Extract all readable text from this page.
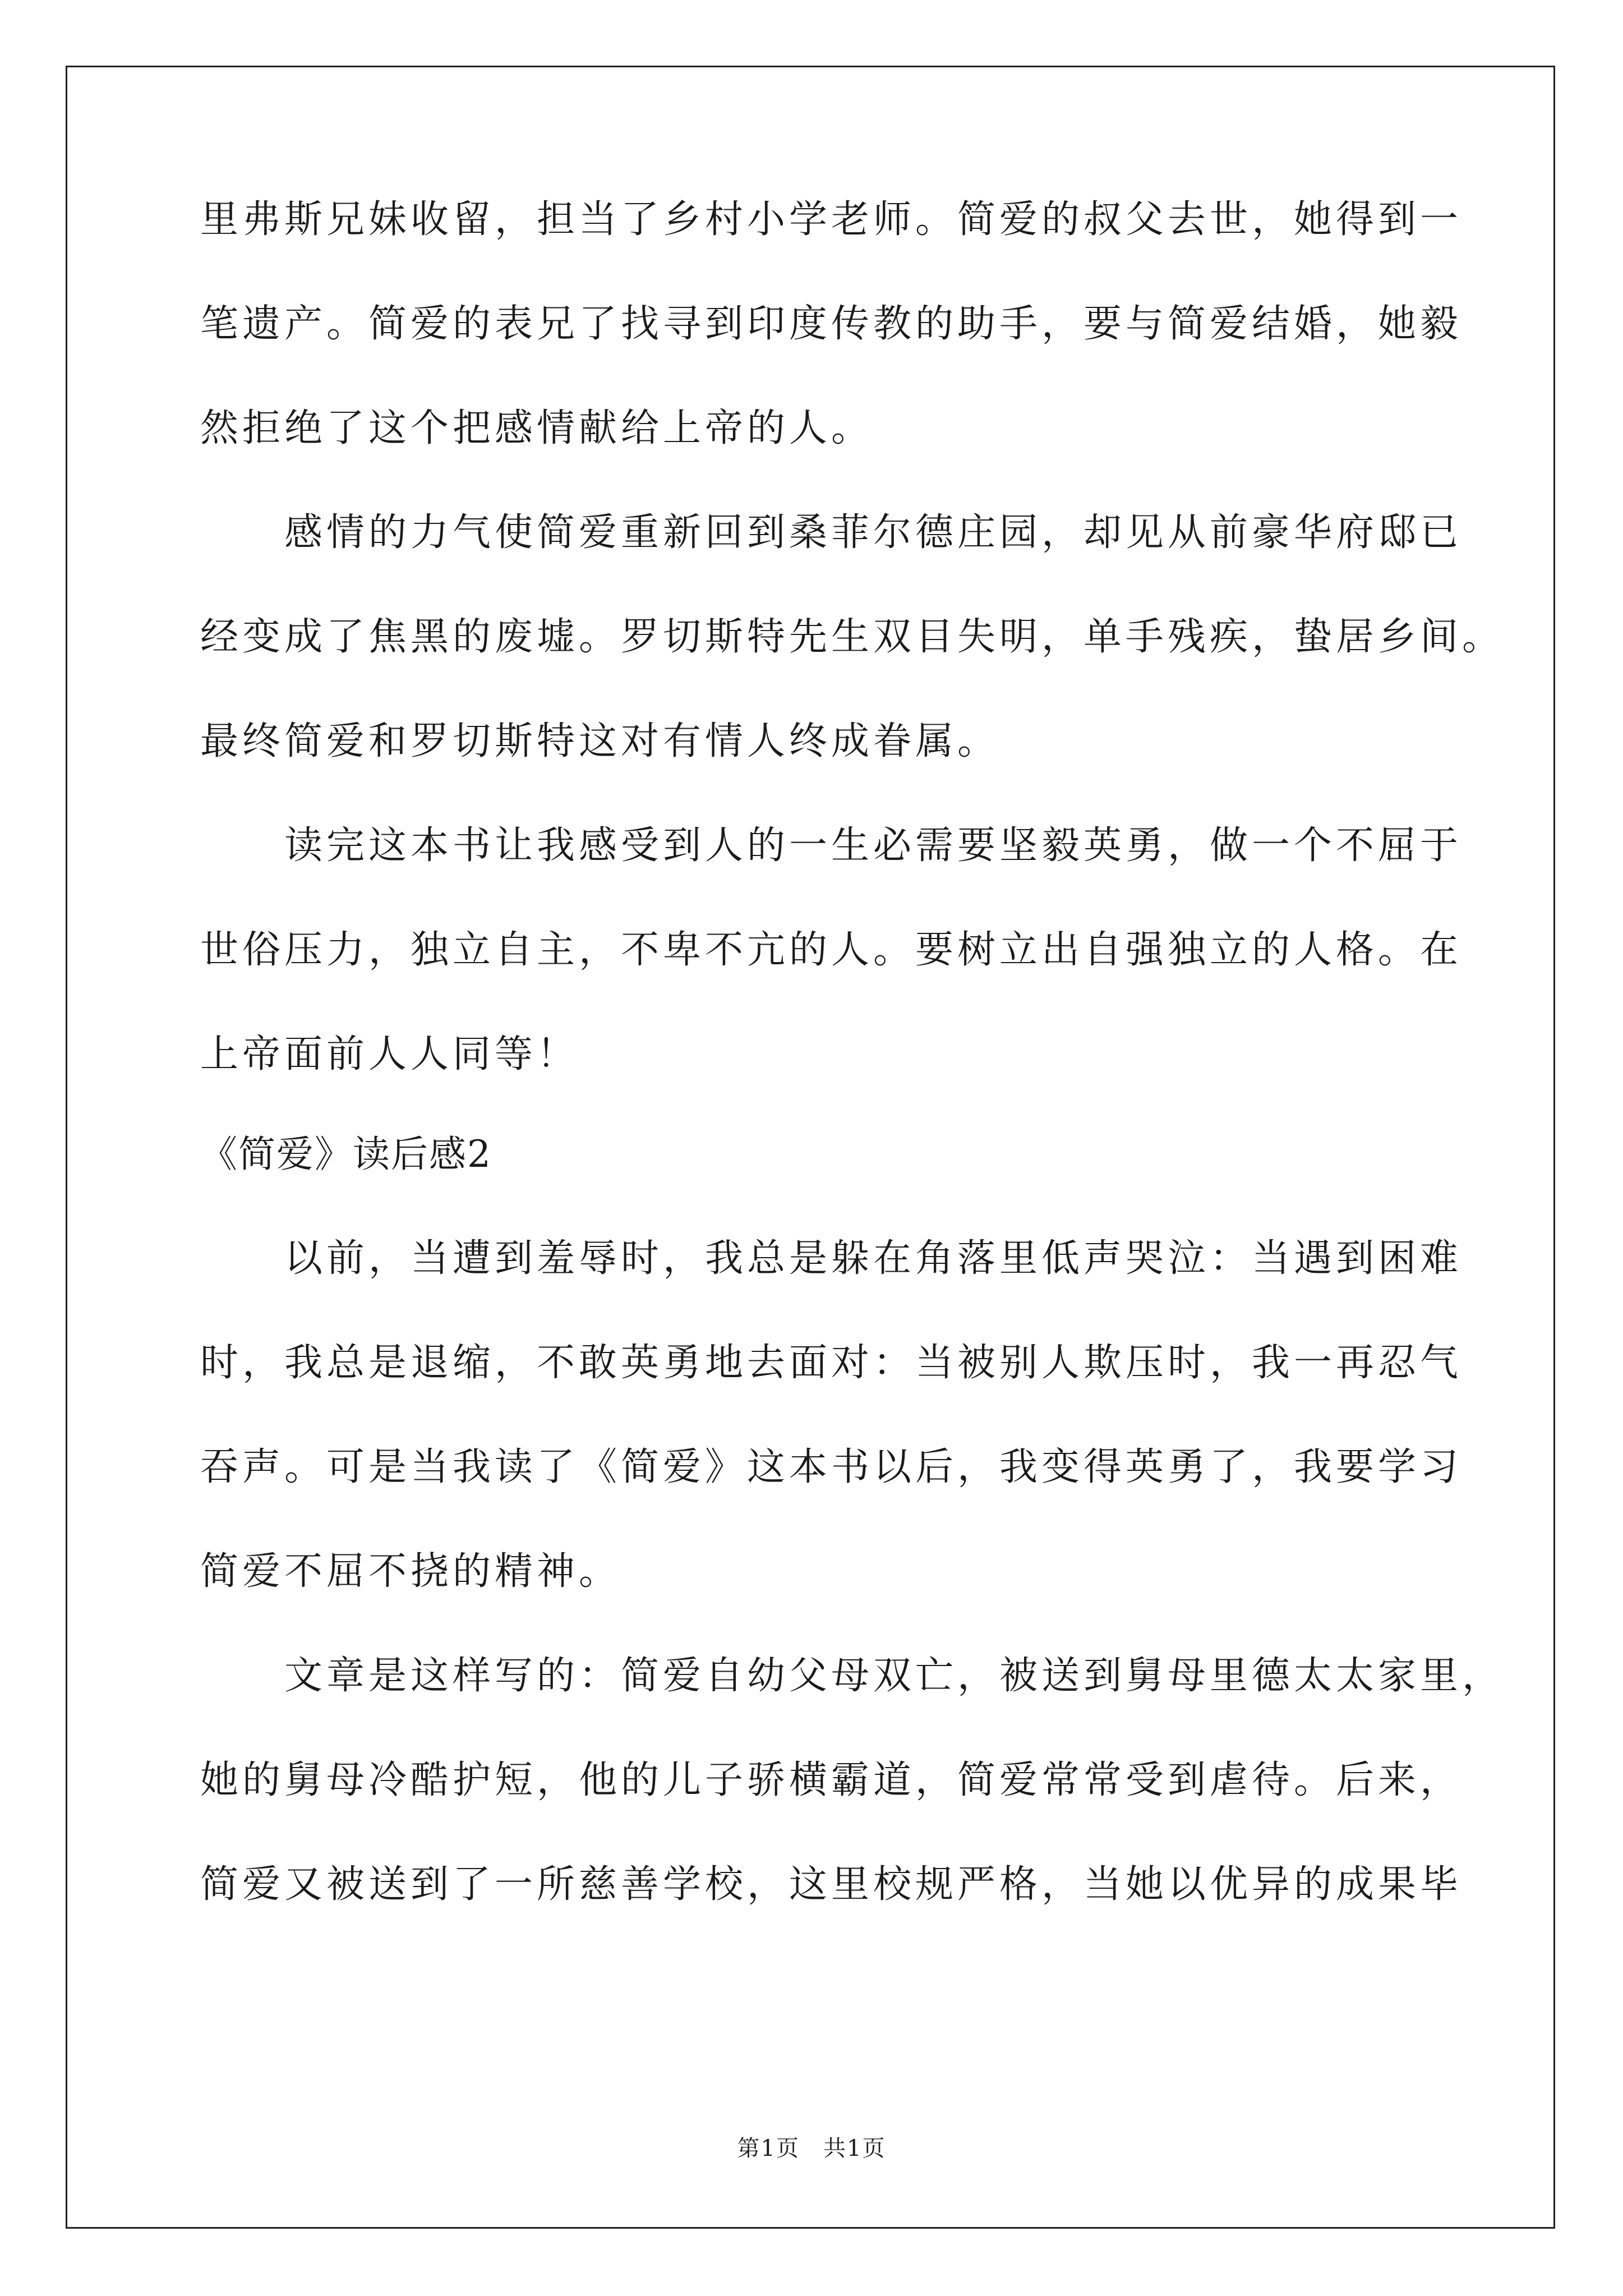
里弗斯兄妹收留，担当了乡村小学老师。简爱的叔父去世，她得到一
笔遗产。简爱的表兄了找寻到印度传教的助手，要与简爱结婚，她毅
然拒绝了这个把感情献给上帝的人。
感情的力气使简爱重新回到桑菲尔德庄园，却见从前豪华府邸已
经变成了焦黑的废墟。罗切斯特先生双目失明，单手残疾，蛰居乡间。
最终简爱和罗切斯特这对有情人终成眷属。
读完这本书让我感受到人的一生必需要坚毅英勇，做一个不屈于
世俗压力，独立自主，不卑不亢的人。要树立出自强独立的人格。在
上帝面前人人同等！
《简爱》读后感2
以前，当遭到羞辱时，我总是躲在角落里低声哭泣：当遇到困难
时，我总是退缩，不敢英勇地去面对：当被别人欺压时，我一再忍气
吞声。可是当我读了《简爱》这本书以后，我变得英勇了，我要学习
简爱不屈不挠的精神。
文章是这样写的：简爱自幼父母双亡，被送到舅母里德太太家里，
她的舅母冷酷护短，他的儿子骄横霸道，简爱常常受到虐待。后来，
简爱又被送到了一所慈善学校，这里校规严格，当她以优异的成果毕
第1页　共1页
